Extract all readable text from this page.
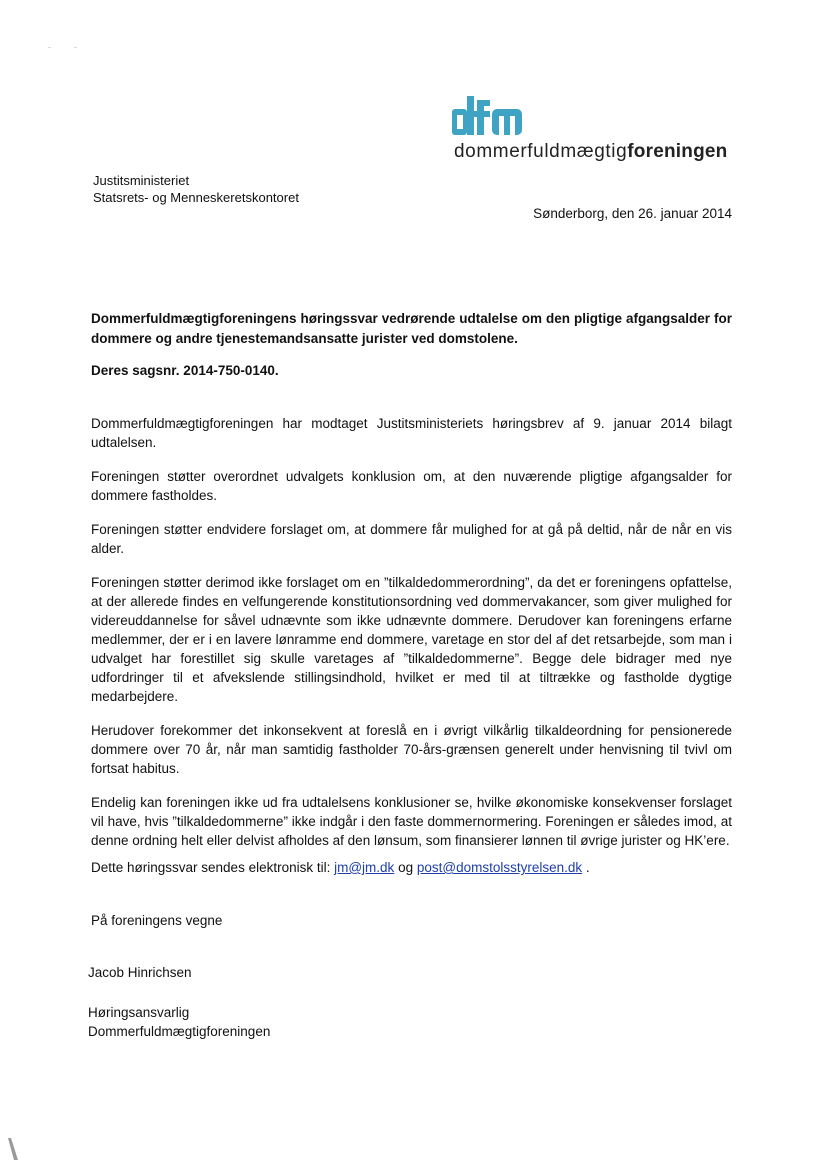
dommerfuldmægtigforeningen
Justitsministeriet
Statsrets- og Menneskeretskontoret
Sønderborg, den 26. januar 2014
Dommerfuldmægtigforeningens høringssvar vedrørende udtalelse om den pligtige afgangsalder for dommere og andre tjenestemandsansatte jurister ved domstolene.
Deres sagsnr. 2014-750-0140.

Dommerfuldmægtigforeningen har modtaget Justitsministeriets høringsbrev af 9. januar 2014 bilagt udtalelsen.

Foreningen støtter overordnet udvalgets konklusion om, at den nuværende pligtige afgangsalder for dommere fastholdes.

Foreningen støtter endvidere forslaget om, at dommere får mulighed for at gå på deltid, når de når en vis alder.

Foreningen støtter derimod ikke forslaget om en ”tilkaldedommerordning”, da det er foreningens opfattelse, at der allerede findes en velfungerende konstitutionsordning ved dommervakancer, som giver mulighed for videreuddannelse for såvel udnævnte som ikke udnævnte dommere. Derudover kan foreningens erfarne medlemmer, der er i en lavere lønramme end dommere, varetage en stor del af det retsarbejde, som man i udvalget har forestillet sig skulle varetages af ”tilkaldedommerne”. Begge dele bidrager med nye udfordringer til et afvekslende stillingsindhold, hvilket er med til at tiltrække og fastholde dygtige medarbejdere.

Herudover forekommer det inkonsekvent at foreslå en i øvrigt vilkårlig tilkaldeordning for pensionerede dommere over 70 år, når man samtidig fastholder 70-års-grænsen generelt under henvisning til tvivl om fortsat habitus.

Endelig kan foreningen ikke ud fra udtalelsens konklusioner se, hvilke økonomiske konsekvenser forslaget vil have, hvis ”tilkaldedommerne” ikke indgår i den faste dommernormering. Foreningen er således imod, at denne ordning helt eller delvist afholdes af den lønsum, som finansierer lønnen til øvrige jurister og HK’ere.

Dette høringssvar sendes elektronisk til: jm@jm.dk og post@domstolsstyrelsen.dk .
På foreningens vegne
Jacob Hinrichsen
Høringsansvarlig
Dommerfuldmægtigforeningen
